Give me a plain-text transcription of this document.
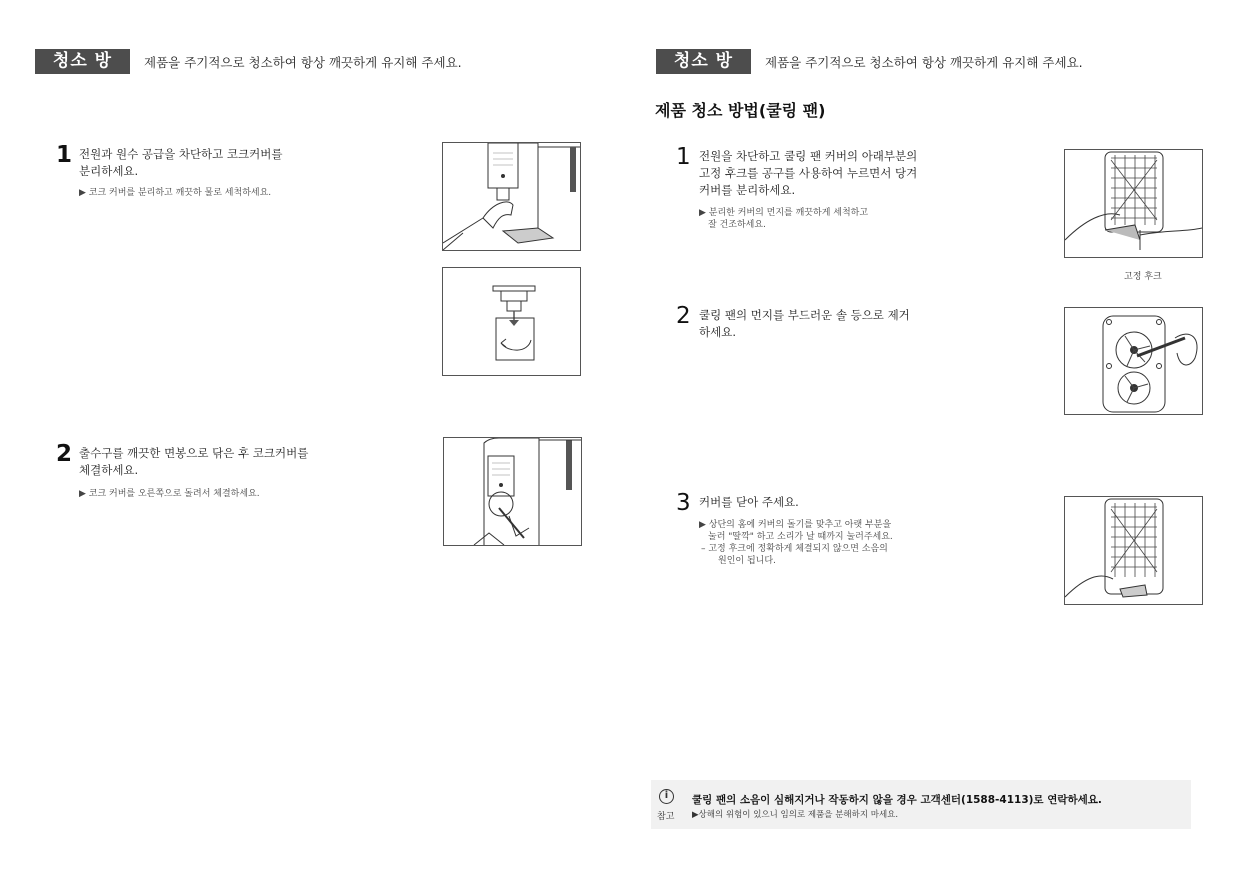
청소 방법
제품을 주기적으로 청소하여 항상 깨끗하게 유지해 주세요.
1 전원과 원수 공급을 차단하고 코크커버를
분리하세요.
▶ 코크 커버를 분리하고 깨끗하 물로 세척하세요.
2 출수구를 깨끗한 면봉으로 닦은 후 코크커버를
체결하세요.
▶ 코크 커버를 오른쪽으로 돌려서 체결하세요.
청소 방법
제품을 주기적으로 청소하여 항상 깨끗하게 유지해 주세요.
제품 청소 방법(쿨링 팬)
1 전원을 차단하고 쿨링 팬 커버의 아래부분의
고정 후크를 공구를 사용하여 누르면서 당겨
커버를 분리하세요.
▶ 분리한 커버의 먼지를 깨끗하게 세척하고
잘 건조하세요.
고정 후크
2 쿨링 팬의 먼지를 부드러운 솔 등으로 제거
하세요.
3 커버를 닫아 주세요.
▶ 상단의 홈에 커버의 돌기를 맞추고 아랫 부분을
눌러 "딸깍" 하고 소리가 날 때까지 눌러주세요.
– 고정 후크에 정확하게 체결되지 않으면 소음의
원인이 됩니다.
i
참고
쿨링 팬의 소음이 심해지거나 작동하지 않을 경우 고객센터(1588-4113)로 연락하세요.
▶상해의 위험이 있으니 임의로 제품을 분해하지 마세요.
